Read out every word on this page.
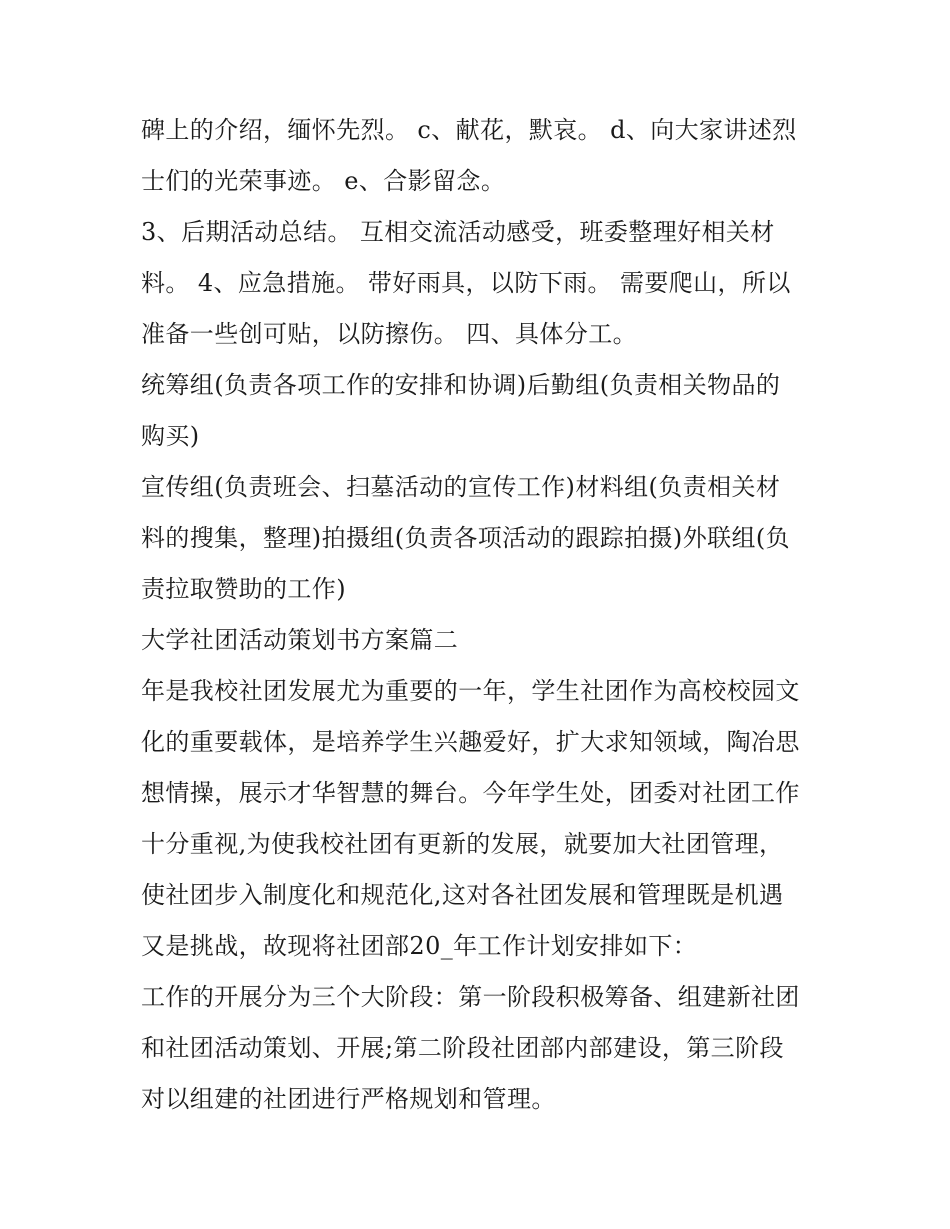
碑上的介绍，缅怀先烈。 c、献花，默哀。 d、向大家讲述烈
士们的光荣事迹。 e、合影留念。
3、后期活动总结。 互相交流活动感受，班委整理好相关材
料。 4、应急措施。 带好雨具，以防下雨。 需要爬山，所以
准备一些创可贴，以防擦伤。 四、具体分工。
统筹组(负责各项工作的安排和协调)后勤组(负责相关物品的
购买)
宣传组(负责班会、扫墓活动的宣传工作)材料组(负责相关材
料的搜集，整理)拍摄组(负责各项活动的跟踪拍摄)外联组(负
责拉取赞助的工作)
大学社团活动策划书方案篇二
年是我校社团发展尤为重要的一年，学生社团作为高校校园文
化的重要载体，是培养学生兴趣爱好，扩大求知领域，陶冶思
想情操，展示才华智慧的舞台。今年学生处，团委对社团工作
十分重视,为使我校社团有更新的发展，就要加大社团管理，
使社团步入制度化和规范化,这对各社团发展和管理既是机遇
又是挑战，故现将社团部20_年工作计划安排如下：
工作的开展分为三个大阶段：第一阶段积极筹备、组建新社团
和社团活动策划、开展;第二阶段社团部内部建设，第三阶段
对以组建的社团进行严格规划和管理。
